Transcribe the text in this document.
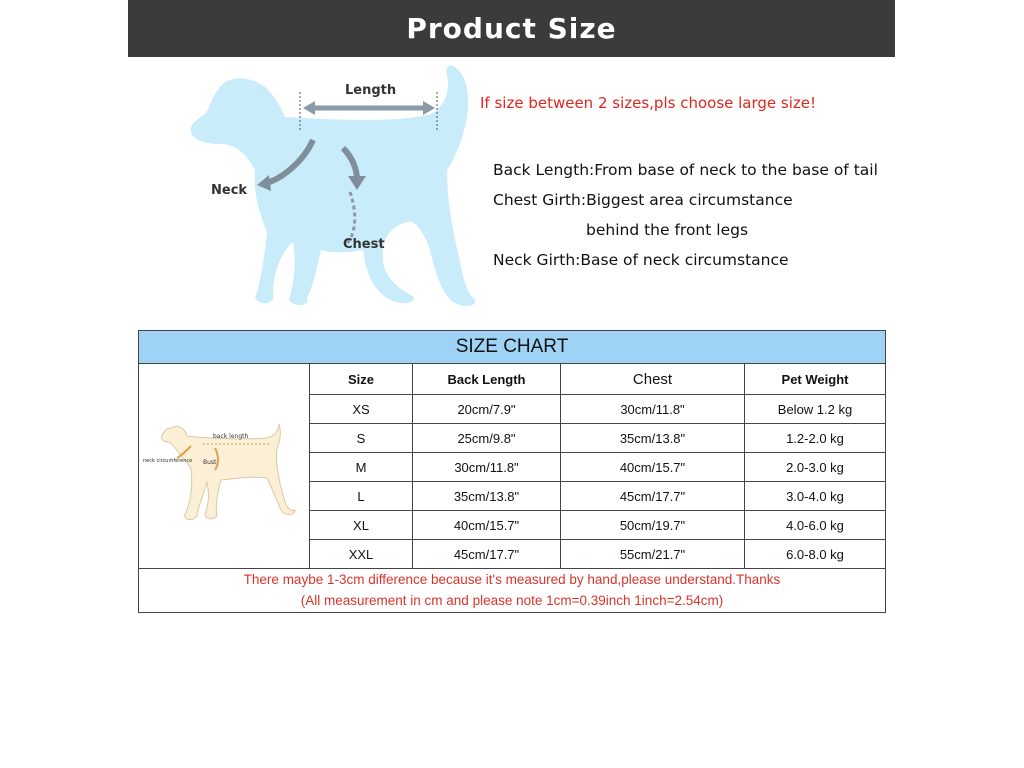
Product Size
Length
Neck
Chest
If size between 2 sizes,pls choose large size!
Back Length:From base of neck to the base of tail
Chest Girth:Biggest area circumstance
behind the front legs
Neck Girth:Base of neck circumstance
SIZE CHART
back length
neck circumference Bust
Size	Back Length	Chest	Pet Weight
XS	20cm/7.9"	30cm/11.8"	Below 1.2 kg
S	25cm/9.8"	35cm/13.8"	1.2-2.0 kg
M	30cm/11.8"	40cm/15.7"	2.0-3.0 kg
L	35cm/13.8"	45cm/17.7"	3.0-4.0 kg
XL	40cm/15.7"	50cm/19.7"	4.0-6.0 kg
XXL	45cm/17.7"	55cm/21.7"	6.0-8.0 kg
There maybe 1-3cm difference because it's measured by hand,please understand.Thanks
(All measurement in cm and please note 1cm=0.39inch 1inch=2.54cm)
